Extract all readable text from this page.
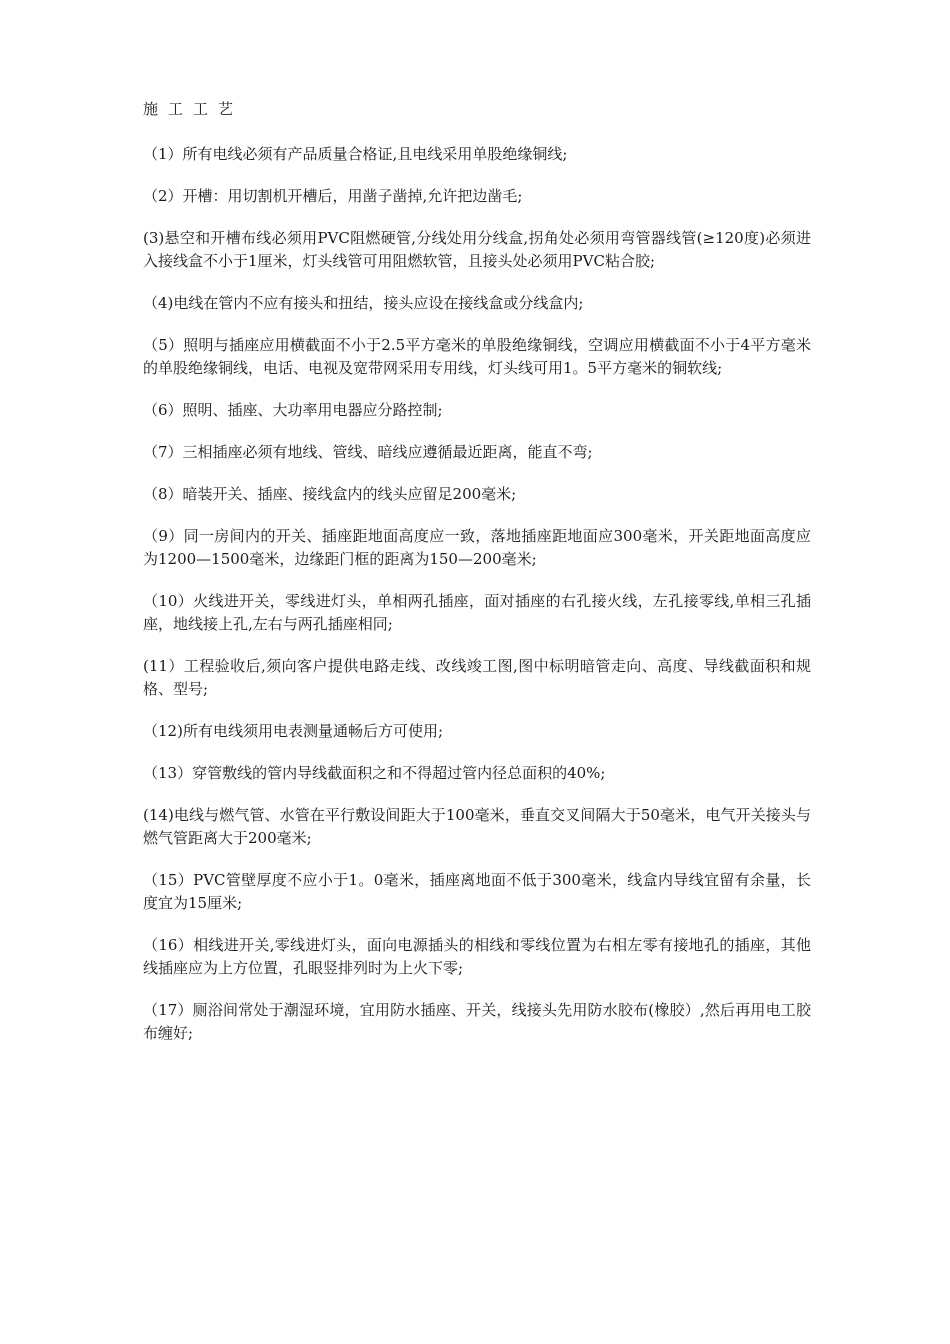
施工工艺

（1）所有电线必须有产品质量合格证,且电线采用单股绝缘铜线;

（2）开槽：用切割机开槽后，用凿子凿掉,允许把边凿毛;

(3)悬空和开槽布线必须用PVC阻燃硬管,分线处用分线盒,拐角处必须用弯管器线管(≥120度)必须进入接线盒不小于1厘米，灯头线管可用阻燃软管，且接头处必须用PVC粘合胶;

（4)电线在管内不应有接头和扭结，接头应设在接线盒或分线盒内;

（5）照明与插座应用横截面不小于2.5平方毫米的单股绝缘铜线，空调应用横截面不小于4平方毫米的单股绝缘铜线，电话、电视及宽带网采用专用线，灯头线可用1。5平方毫米的铜软线;

（6）照明、插座、大功率用电器应分路控制;

（7）三相插座必须有地线、管线、暗线应遵循最近距离，能直不弯;

（8）暗装开关、插座、接线盒内的线头应留足200毫米;

（9）同一房间内的开关、插座距地面高度应一致，落地插座距地面应300毫米，开关距地面高度应为1200—1500毫米，边缘距门框的距离为150—200毫米;

（10）火线进开关，零线进灯头，单相两孔插座，面对插座的右孔接火线，左孔接零线,单相三孔插座，地线接上孔,左右与两孔插座相同;

(11）工程验收后,须向客户提供电路走线、改线竣工图,图中标明暗管走向、高度、导线截面积和规格、型号;

（12)所有电线须用电表测量通畅后方可使用;

（13）穿管敷线的管内导线截面积之和不得超过管内径总面积的40%;

(14)电线与燃气管、水管在平行敷设间距大于100毫米，垂直交叉间隔大于50毫米，电气开关接头与燃气管距离大于200毫米;

（15）PVC管壁厚度不应小于1。0毫米，插座离地面不低于300毫米，线盒内导线宜留有余量，长度宜为15厘米;

（16）相线进开关,零线进灯头，面向电源插头的相线和零线位置为右相左零有接地孔的插座，其他线插座应为上方位置，孔眼竖排列时为上火下零;

（17）厕浴间常处于潮湿环境，宜用防水插座、开关，线接头先用防水胶布(橡胶）,然后再用电工胶布缠好;
